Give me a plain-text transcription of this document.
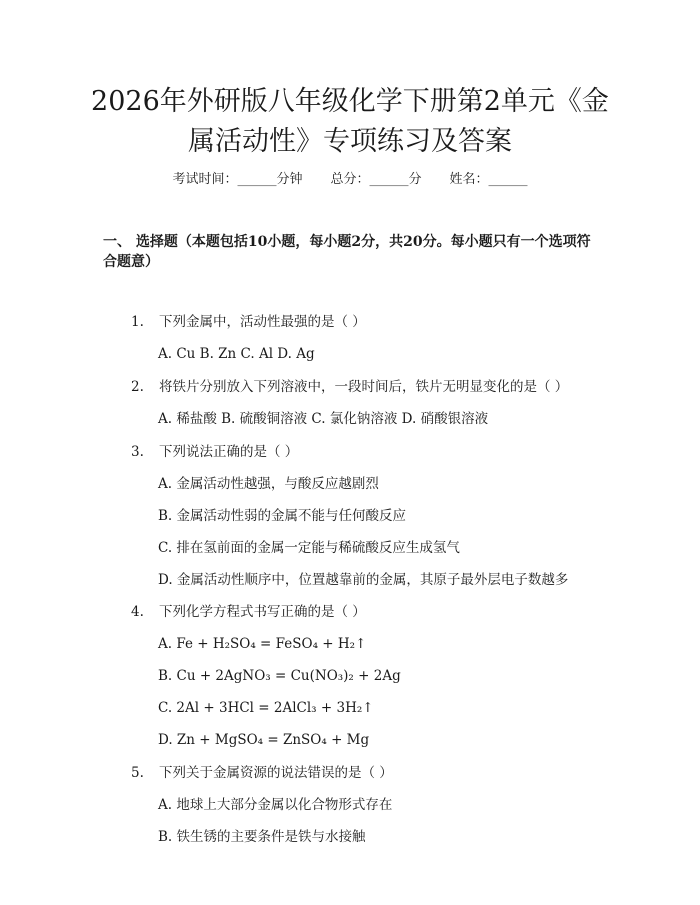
2026年外研版八年级化学下册第2单元《金属活动性》专项练习及答案
考试时间：______分钟 总分：______分 姓名：______

一、 选择题（本题包括10小题，每小题2分，共20分。每小题只有一个选项符合题意）

1. 下列金属中，活动性最强的是（ ）
A. Cu B. Zn C. Al D. Ag
2. 将铁片分别放入下列溶液中，一段时间后，铁片无明显变化的是（ ）
A. 稀盐酸 B. 硫酸铜溶液 C. 氯化钠溶液 D. 硝酸银溶液
3. 下列说法正确的是（ ）
A. 金属活动性越强，与酸反应越剧烈
B. 金属活动性弱的金属不能与任何酸反应
C. 排在氢前面的金属一定能与稀硫酸反应生成氢气
D. 金属活动性顺序中，位置越靠前的金属，其原子最外层电子数越多
4. 下列化学方程式书写正确的是（ ）
A. Fe + H₂SO₄ = FeSO₄ + H₂↑
B. Cu + 2AgNO₃ = Cu(NO₃)₂ + 2Ag
C. 2Al + 3HCl = 2AlCl₃ + 3H₂↑
D. Zn + MgSO₄ = ZnSO₄ + Mg
5. 下列关于金属资源的说法错误的是（ ）
A. 地球上大部分金属以化合物形式存在
B. 铁生锈的主要条件是铁与水接触
